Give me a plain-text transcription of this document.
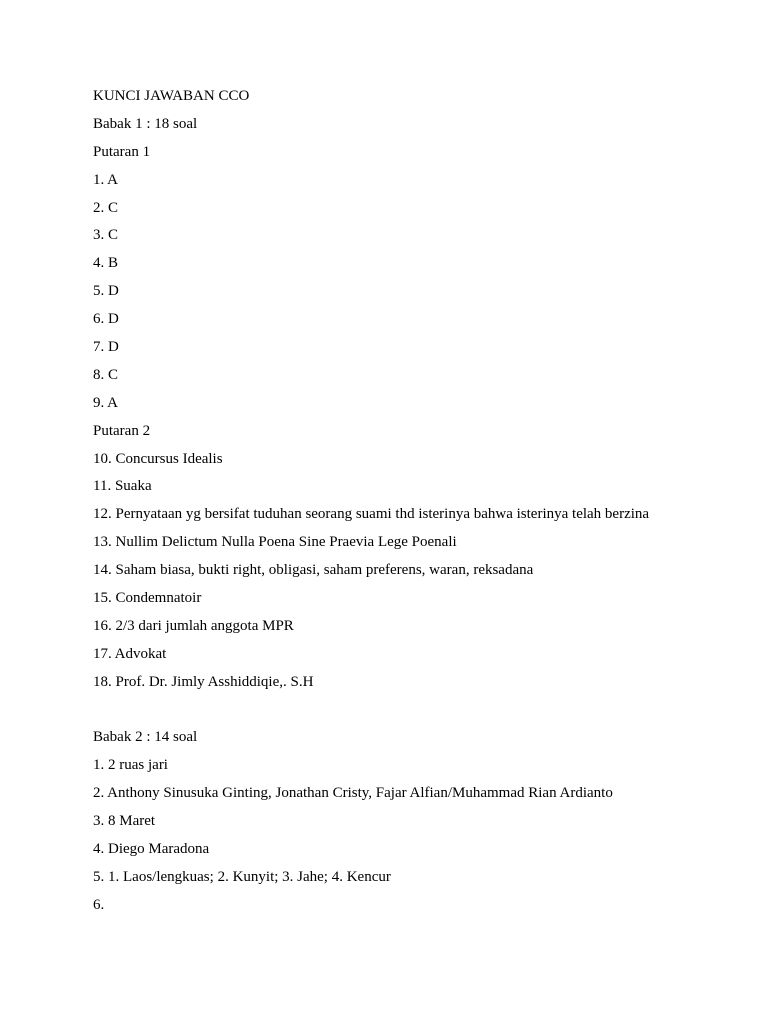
KUNCI JAWABAN CCO
Babak 1 : 18 soal
Putaran 1
1. A
2. C
3. C
4. B
5. D
6. D
7. D
8. C
9. A
Putaran 2
10. Concursus Idealis
11. Suaka
12. Pernyataan yg bersifat tuduhan seorang suami thd isterinya bahwa isterinya telah berzina
13. Nullim Delictum Nulla Poena Sine Praevia Lege Poenali
14. Saham biasa, bukti right, obligasi, saham preferens, waran, reksadana
15. Condemnatoir
16. 2/3 dari jumlah anggota MPR
17. Advokat
18. Prof. Dr. Jimly Asshiddiqie,. S.H
Babak 2 : 14 soal
1. 2 ruas jari
2. Anthony Sinusuka Ginting, Jonathan Cristy, Fajar Alfian/Muhammad Rian Ardianto
3. 8 Maret
4. Diego Maradona
5. 1. Laos/lengkuas; 2. Kunyit; 3. Jahe; 4. Kencur
6.
